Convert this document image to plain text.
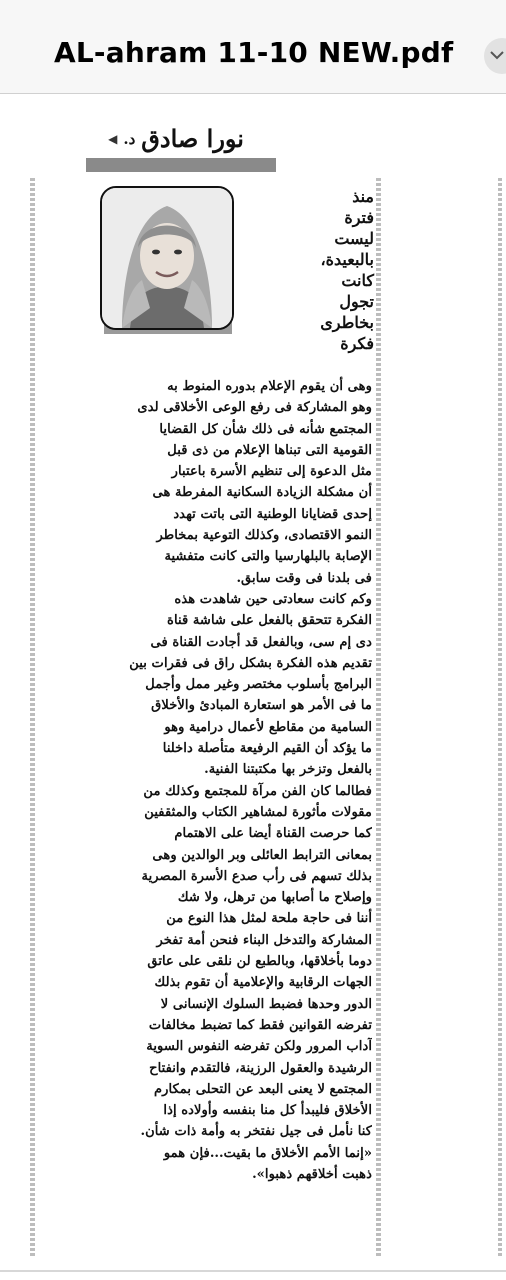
AL-ahram 11-10 NEW.pdf
نورا صادق
د.
◀
منذ
فترة
ليست
بالبعيدة،
كانت
تجول
بخاطرى
فكرة
وهى أن يقوم الإعلام بدوره المنوط به
وهو المشاركة فى رفع الوعى الأخلاقى لدى
المجتمع شأنه فى ذلك شأن كل القضايا
القومية التى تبناها الإعلام من ذى قبل
مثل الدعوة إلى تنظيم الأسرة باعتبار
أن مشكلة الزيادة السكانية المفرطة هى
إحدى قضايانا الوطنية التى باتت تهدد
النمو الاقتصادى، وكذلك التوعية بمخاطر
الإصابة بالبلهارسيا والتى كانت متفشية
فى بلدنا فى وقت سابق.
وكم كانت سعادتى حين شاهدت هذه
الفكرة تتحقق بالفعل على شاشة قناة
دى إم سى، وبالفعل قد أجادت القناة فى
تقديم هذه الفكرة بشكل راق فى فقرات بين
البرامج بأسلوب مختصر وغير ممل وأجمل
ما فى الأمر هو استعارة المبادئ والأخلاق
السامية من مقاطع لأعمال درامية وهو
ما يؤكد أن القيم الرفيعة متأصلة داخلنا
بالفعل وتزخر بها مكتبتنا الفنية.
فطالما كان الفن مرآة للمجتمع وكذلك من
مقولات مأثورة لمشاهير الكتاب والمثقفين
كما حرصت القناة أيضا على الاهتمام
بمعانى الترابط العائلى وبر الوالدين وهى
بذلك تسهم فى رأب صدع الأسرة المصرية
وإصلاح ما أصابها من ترهل، ولا شك
أننا فى حاجة ملحة لمثل هذا النوع من
المشاركة والتدخل البناء فنحن أمة تفخر
دوما بأخلاقها، وبالطبع لن نلقى على عاتق
الجهات الرقابية والإعلامية أن تقوم بذلك
الدور وحدها فضبط السلوك الإنسانى لا
تفرضه القوانين فقط كما تضبط مخالفات
آداب المرور ولكن تفرضه النفوس السوية
الرشيدة والعقول الرزينة، فالتقدم وانفتاح
المجتمع لا يعنى البعد عن التحلى بمكارم
الأخلاق فليبدأ كل منا بنفسه وأولاده إذا
كنا نأمل فى جيل نفتخر به وأمة ذات شأن.
«إنما الأمم الأخلاق ما بقيت...فإن همو
ذهبت أخلاقهم ذهبوا».
